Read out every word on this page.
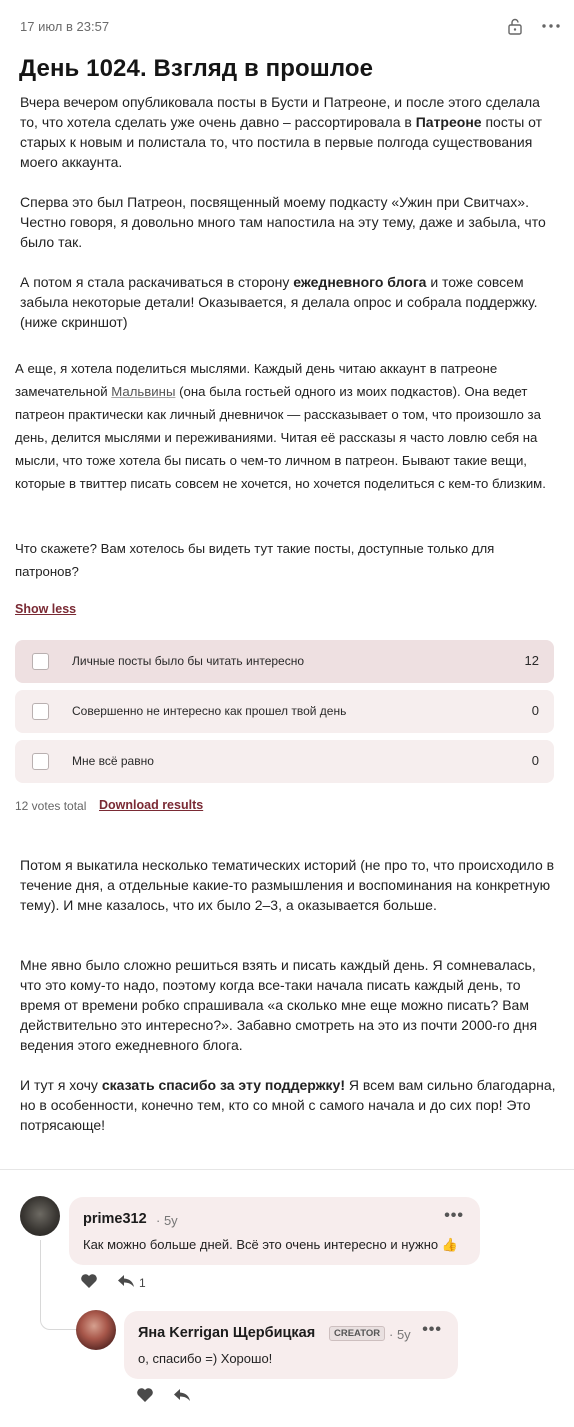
17 июл в 23:57
День 1024. Взгляд в прошлое
Вчера вечером опубликовала посты в Бусти и Патреоне, и после этого сделала то, что хотела сделать уже очень давно – рассортировала в Патреоне посты от старых к новым и полистала то, что постила в первые полгода существования моего аккаунта.
Сперва это был Патреон, посвященный моему подкасту «Ужин при Свитчах». Честно говоря, я довольно много там напостила на эту тему, даже и забыла, что было так.
А потом я стала раскачиваться в сторону ежедневного блога и тоже совсем забыла некоторые детали! Оказывается, я делала опрос и собрала поддержку. (ниже скриншот)
А еще, я хотела поделиться мыслями. Каждый день читаю аккаунт в патреоне замечательной Мальвины (она была гостьей одного из моих подкастов). Она ведет патреон практически как личный дневничок — рассказывает о том, что произошло за день, делится мыслями и переживаниями. Читая её рассказы я часто ловлю себя на мысли, что тоже хотела бы писать о чем-то личном в патреон. Бывают такие вещи, которые в твиттер писать совсем не хочется, но хочется поделиться с кем-то близким.
Что скажете? Вам хотелось бы видеть тут такие посты, доступные только для патронов?
Show less
Личные посты было бы читать интересно	12
Совершенно не интересно как прошел твой день	0
Мне всё равно	0
12 votes total Download results
Потом я выкатила несколько тематических историй (не про то, что происходило в течение дня, а отдельные какие-то размышления и воспоминания на конкретную тему). И мне казалось, что их было 2–3, а оказывается больше.
Мне явно было сложно решиться взять и писать каждый день. Я сомневалась, что это кому-то надо, поэтому когда все-таки начала писать каждый день, то время от времени робко спрашивала «а сколько мне еще можно писать? Вам действительно это интересно?». Забавно смотреть на это из почти 2000-го дня ведения этого ежедневного блога.
И тут я хочу сказать спасибо за эту поддержку! Я всем вам сильно благодарна, но в особенности, конечно тем, кто со мной с самого начала и до сих пор! Это потрясающе!
prime312 · 5y	•••
Как можно больше дней. Всё это очень интересно и нужно 👍
1
Яна Kerrigan Щербицкая	CREATOR · 5y •••
о, спасибо =) Хорошо!
